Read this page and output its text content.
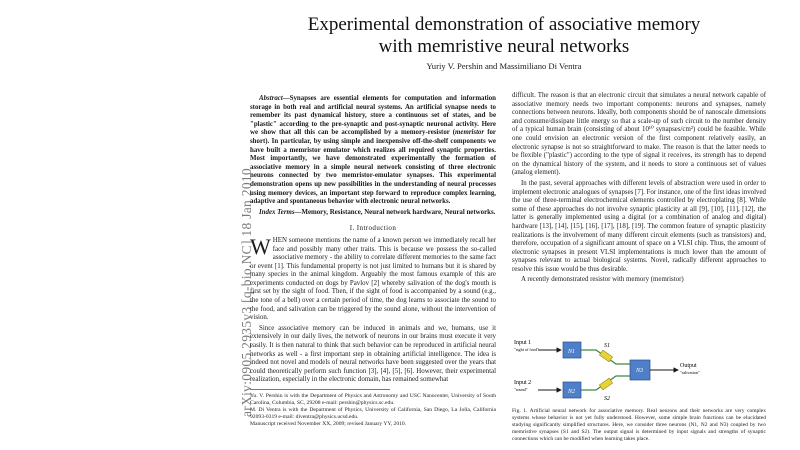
arXiv:0905.2935v3 [q-bio.NC] 18 Jan 2010
Experimental demonstration of associative memory
with memristive neural networks
Yuriy V. Pershin and Massimiliano Di Ventra

Abstract—Synapses are essential elements for computation and information storage in both real and artificial neural systems. An artificial synapse needs to remember its past dynamical history, store a continuous set of states, and be "plastic" according to the pre-synaptic and post-synaptic neuronal activity. Here we show that all this can be accomplished by a memory-resistor (memristor for short). In particular, by using simple and inexpensive off-the-shelf components we have built a memristor emulator which realizes all required synaptic properties. Most importantly, we have demonstrated experimentally the formation of associative memory in a simple neural network consisting of three electronic neurons connected by two memristor-emulator synapses. This experimental demonstration opens up new possibilities in the understanding of neural processes using memory devices, an important step forward to reproduce complex learning, adaptive and spontaneous behavior with electronic neural networks.

Index Terms—Memory, Resistance, Neural network hardware, Neural networks.

I. Introduction

WHEN someone mentions the name of a known person we immediately recall her face and possibly many other traits. This is because we possess the so-called associative memory - the ability to correlate different memories to the same fact or event [1]. This fundamental property is not just limited to humans but it is shared by many species in the animal kingdom. Arguably the most famous example of this are experiments conducted on dogs by Pavlov [2] whereby salivation of the dog's mouth is first set by the sight of food. Then, if the sight of food is accompanied by a sound (e.g., the tone of a bell) over a certain period of time, the dog learns to associate the sound to the food, and salivation can be triggered by the sound alone, without the intervention of vision.

Since associative memory can be induced in animals and we, humans, use it extensively in our daily lives, the network of neurons in our brains must execute it very easily. It is then natural to think that such behavior can be reproduced in artificial neural networks as well - a first important step in obtaining artificial intelligence. The idea is indeed not novel and models of neural networks have been suggested over the years that could theoretically perform such function [3], [4], [5], [6]. However, their experimental realization, especially in the electronic domain, has remained somewhat

Yu. V. Pershin is with the Department of Physics and Astronomy and USC Nanocenter, University of South Carolina, Columbia, SC, 29208 e-mail: pershin@physics.sc.edu.
M. Di Ventra is with the Department of Physics, University of California, San Diego, La Jolla, California 92093-0319 e-mail: diventra@physics.ucsd.edu.
Manuscript received November XX, 2009; revised January YY, 2010.

difficult. The reason is that an electronic circuit that simulates a neural network capable of associative memory needs two important components: neurons and synapses, namely connections between neurons. Ideally, both components should be of nanoscale dimensions and consume/dissipate little energy so that a scale-up of such circuit to the number density of a typical human brain (consisting of about 10¹⁰ synapses/cm²) could be feasible. While one could envision an electronic version of the first component relatively easily, an electronic synapse is not so straightforward to make. The reason is that the latter needs to be flexible ("plastic") according to the type of signal it receives, its strength has to depend on the dynamical history of the system, and it needs to store a continuous set of values (analog element).

In the past, several approaches with different levels of abstraction were used in order to implement electronic analogues of synapses [7]. For instance, one of the first ideas involved the use of three-terminal electrochemical elements controlled by electroplating [8]. While some of these approaches do not involve synaptic plasticity at all [9], [10], [11], [12], the latter is generally implemented using a digital (or a combination of analog and digital) hardware [13], [14], [15], [16], [17], [18], [19]. The common feature of synaptic plasticity realizations is the involvement of many different circuit elements (such as transistors) and, therefore, occupation of a significant amount of space on a VLSI chip. Thus, the amount of electronic synapses in present VLSI implementations is much lower than the amount of synapses relevant to actual biological systems. Novel, radically different approaches to resolve this issue would be thus desirable.

A recently demonstrated resistor with memory (memristor)

Input 1
"sight of food"
Input 2
"sound"
N1
N2
S1
S2
N3
Output
"salivation"
Fig. 1. Artificial neural network for associative memory. Real neurons and their networks are very complex systems whose behavior is not yet fully understood. However, some simple brain functions can be elucidated studying significantly simplified structures. Here, we consider three neurons (N1, N2 and N3) coupled by two memristive synapses (S1 and S2). The output signal is determined by input signals and strengths of synaptic connections which can be modified when learning takes place.
